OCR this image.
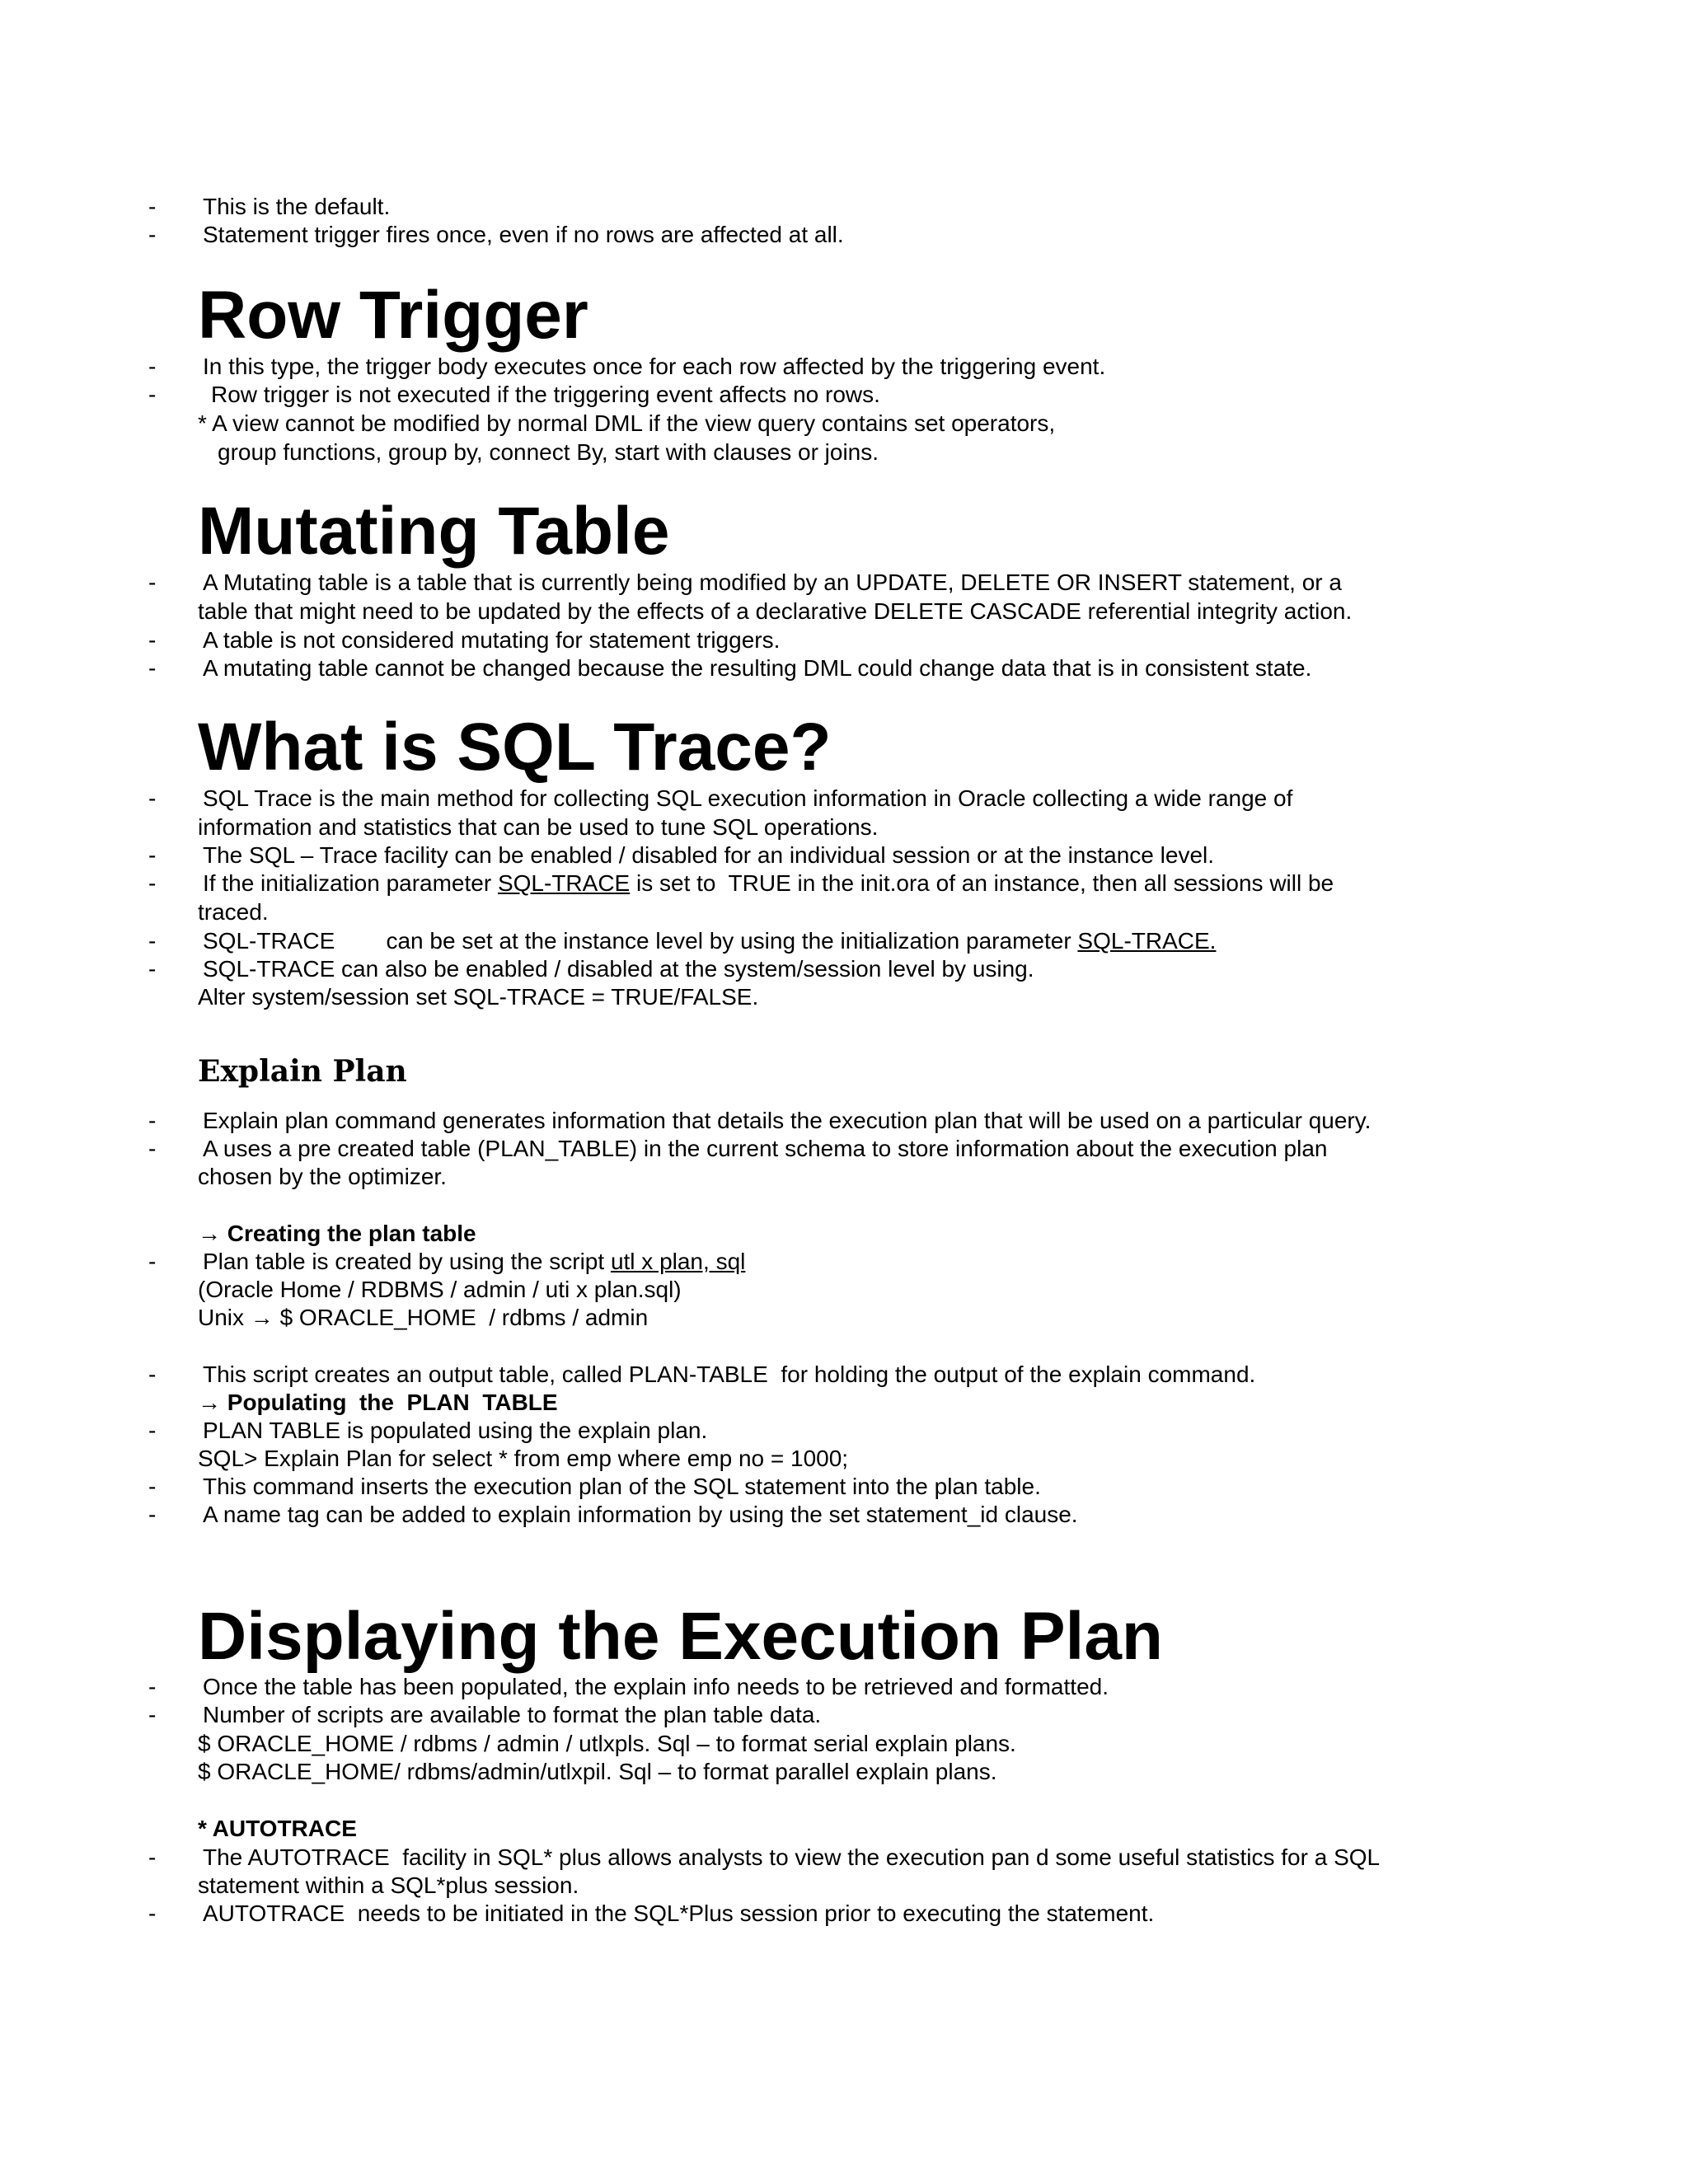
- This is the default.
- Statement trigger fires once, even if no rows are affected at all.
Row Trigger
- In this type, the trigger body executes once for each row affected by the triggering event.
- Row trigger is not executed if the triggering event affects no rows.
* A view cannot be modified by normal DML if the view query contains set operators,
group functions, group by, connect By, start with clauses or joins.
Mutating Table
- A Mutating table is a table that is currently being modified by an UPDATE, DELETE OR INSERT statement, or a
table that might need to be updated by the effects of a declarative DELETE CASCADE referential integrity action.
- A table is not considered mutating for statement triggers.
- A mutating table cannot be changed because the resulting DML could change data that is in consistent state.
What is SQL Trace?
- SQL Trace is the main method for collecting SQL execution information in Oracle collecting a wide range of
information and statistics that can be used to tune SQL operations.
- The SQL – Trace facility can be enabled / disabled for an individual session or at the instance level.
- If the initialization parameter SQL-TRACE is set to  TRUE in the init.ora of an instance, then all sessions will be
traced.
- SQL-TRACE        can be set at the instance level by using the initialization parameter SQL-TRACE.
- SQL-TRACE can also be enabled / disabled at the system/session level by using.
Alter system/session set SQL-TRACE = TRUE/FALSE.
Explain Plan
- Explain plan command generates information that details the execution plan that will be used on a particular query.
- A uses a pre created table (PLAN_TABLE) in the current schema to store information about the execution plan
chosen by the optimizer.
→ Creating the plan table
- Plan table is created by using the script utl x plan, sql
(Oracle Home / RDBMS / admin / uti x plan.sql)
Unix → $ ORACLE_HOME  / rdbms / admin
- This script creates an output table, called PLAN-TABLE  for holding the output of the explain command.
→ Populating  the  PLAN  TABLE
- PLAN TABLE is populated using the explain plan.
SQL> Explain Plan for select * from emp where emp no = 1000;
- This command inserts the execution plan of the SQL statement into the plan table.
- A name tag can be added to explain information by using the set statement_id clause.
Displaying the Execution Plan
- Once the table has been populated, the explain info needs to be retrieved and formatted.
- Number of scripts are available to format the plan table data.
$ ORACLE_HOME / rdbms / admin / utlxpls. Sql – to format serial explain plans.
$ ORACLE_HOME/ rdbms/admin/utlxpil. Sql – to format parallel explain plans.
* AUTOTRACE
- The AUTOTRACE  facility in SQL* plus allows analysts to view the execution pan d some useful statistics for a SQL
statement within a SQL*plus session.
- AUTOTRACE  needs to be initiated in the SQL*Plus session prior to executing the statement.
